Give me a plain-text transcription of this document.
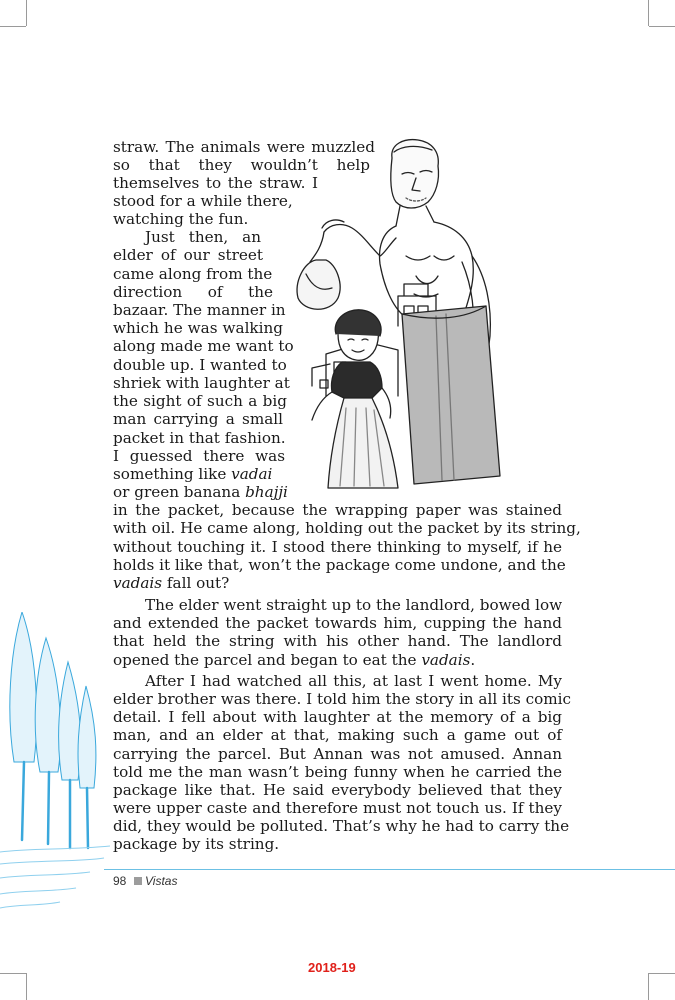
straw. The animals were muzzled
so that they wouldn’t help
themselves to the straw. I
stood for a while there,
watching the fun.
Just then, an
elder of our street
came along from the
direction of the
bazaar. The manner in
which he was walking
along made me want to
double up. I wanted to
shriek with laughter at
the sight of such a big
man carrying a small
packet in that fashion.
I guessed there was
something like vadai
or green banana bhajji
in the packet, because the wrapping paper was stained
with oil. He came along, holding out the packet by its string,
without touching it. I stood there thinking to myself, if he
holds it like that, won’t the package come undone, and the
vadais fall out?
The elder went straight up to the landlord, bowed low
and extended the packet towards him, cupping the hand
that held the string with his other hand. The landlord
opened the parcel and began to eat the vadais.
After I had watched all this, at last I went home. My
elder brother was there. I told him the story in all its comic
detail. I fell about with laughter at the memory of a big
man, and an elder at that, making such a game out of
carrying the parcel. But Annan was not amused. Annan
told me the man wasn’t being funny when he carried the
package like that. He said everybody believed that they
were upper caste and therefore must not touch us. If they
did, they would be polluted. That’s why he had to carry the
package by its string.
98 Vistas
2018-19
